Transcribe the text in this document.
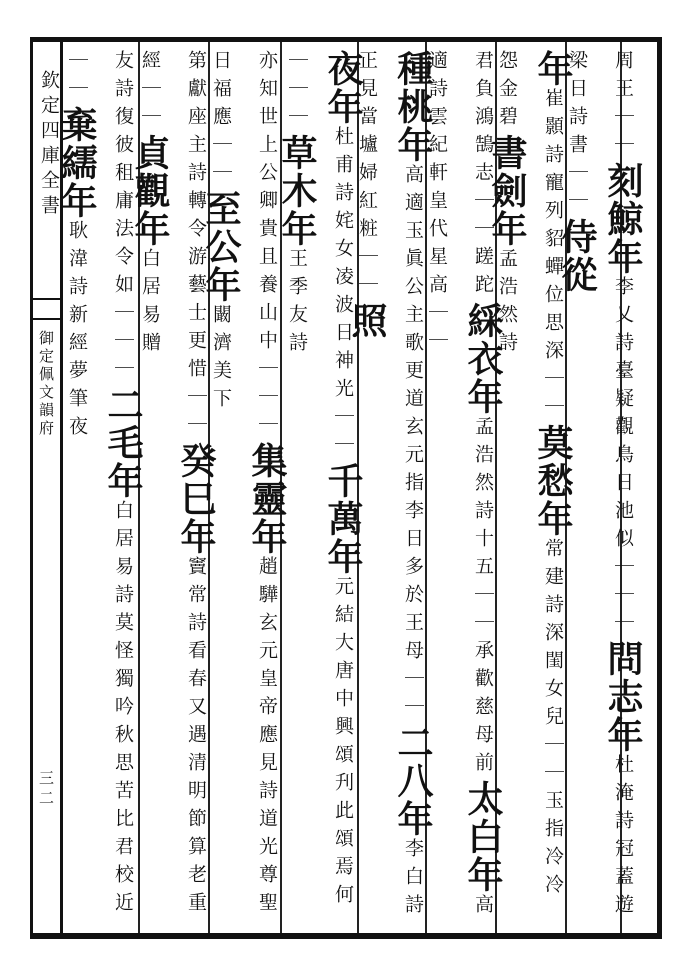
欽定四庫全書
御定佩文韻府
三二
周王｜｜刻鯨年李乂詩臺疑觀鳥日池似｜｜｜問志年杜淹詩冠蓋遊梁日詩書｜｜侍從
年崔顥詩寵列貂蟬位思深｜｜莫愁年常建詩深閨女兒｜｜玉指冷冷怨金碧書劍年孟浩然詩
君負鴻鵠志｜｜蹉跎綵衣年孟浩然詩十五｜｜承歡慈母前太白年高適詩雲紀軒皇代星高｜｜
種桃年高適玉眞公主歌更道玄元指李日多於王母｜｜二八年李白詩正見當壚婦紅粧｜｜照
夜年杜甫詩姹女凌波日神光｜｜千萬年元結大唐中興頌刋此頌焉何｜｜｜草木年王季友詩
亦知世上公卿貴且養山中｜｜｜集靈年趙驊玄元皇帝應見詩道光尊聖日福應｜｜至公年闞濟美下
第獻座主詩轉令游藝士更惜｜｜癸巳年竇常詩看春又遇清明節算老重經｜｜貞觀年白居易贈
友詩復彼租庸法令如｜｜｜二毛年白居易詩莫怪獨吟秋思苦比君校近｜｜棄繻年耿湋詩新經夢筆夜
